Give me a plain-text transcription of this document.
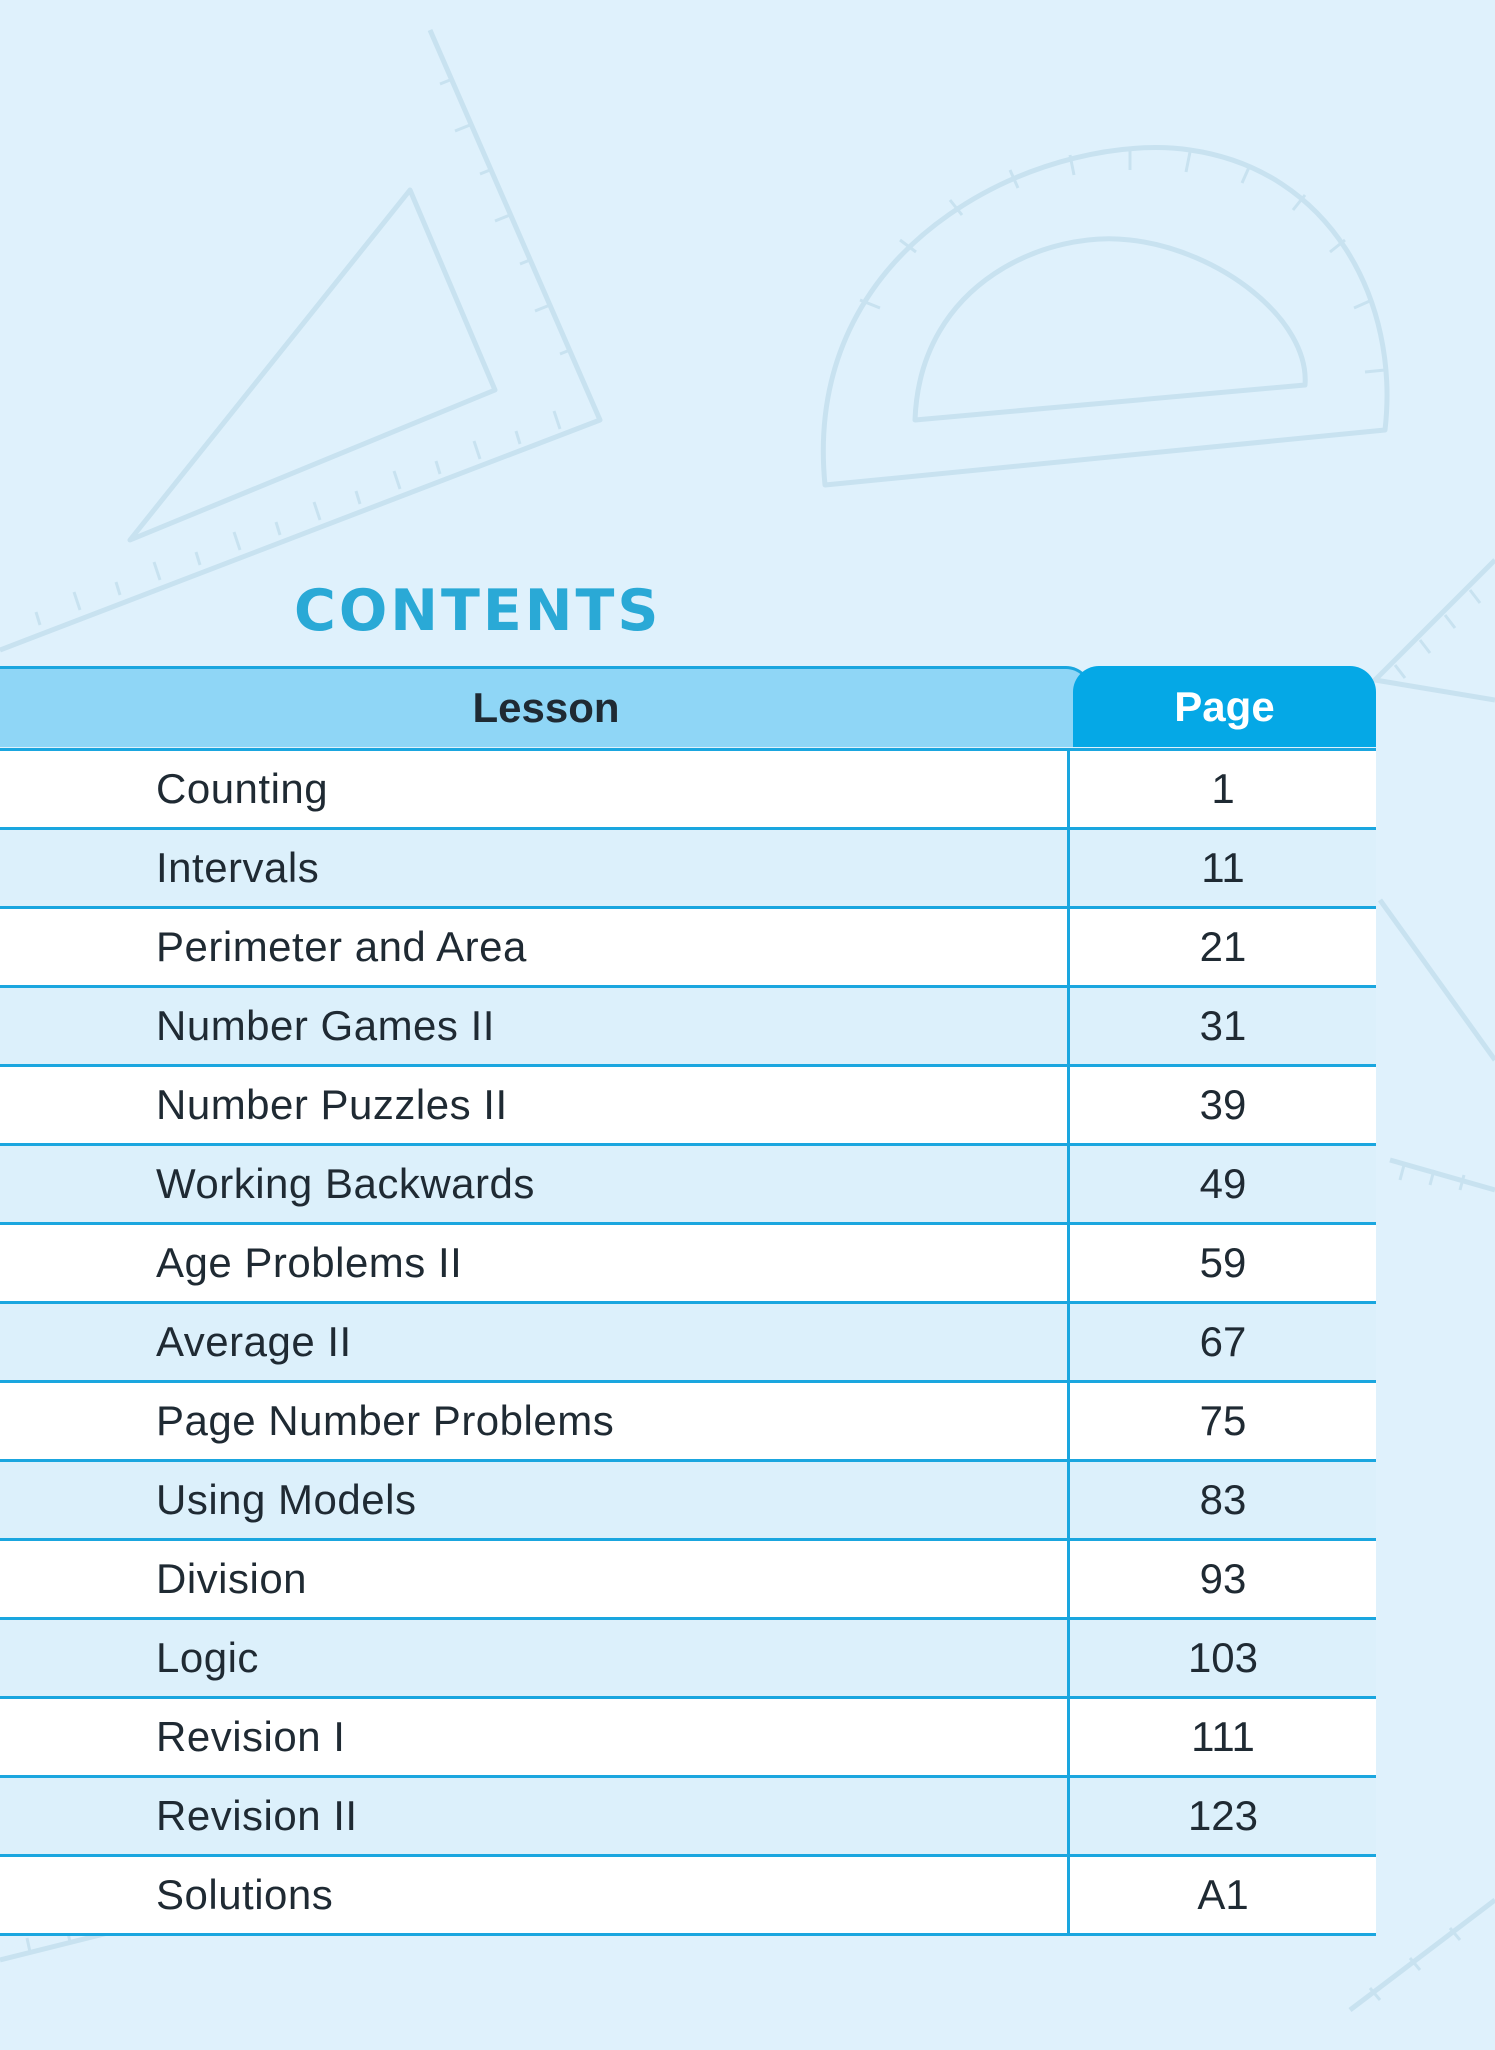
CONTENTS
Lesson	Page
Counting	1
Intervals	11
Perimeter and Area	21
Number Games II	31
Number Puzzles II	39
Working Backwards	49
Age Problems II	59
Average II	67
Page Number Problems	75
Using Models	83
Division	93
Logic	103
Revision I	111
Revision II	123
Solutions	A1
